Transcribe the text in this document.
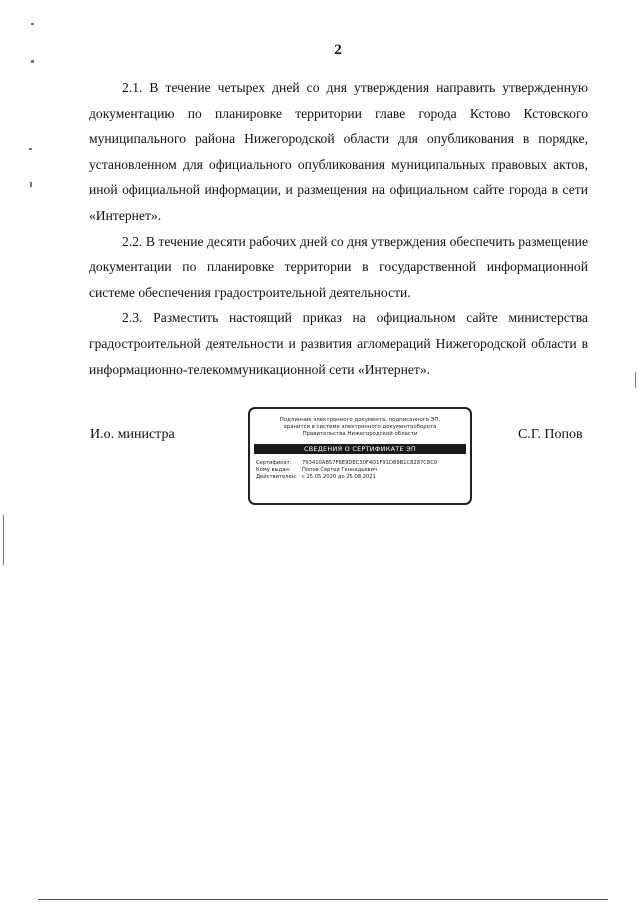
2

2.1. В течение четырех дней со дня утверждения направить утвержденную документацию по планировке территории главе города Кстово Кстовского муниципального района Нижегородской области для опубликования в порядке, установленном для официального опубликования муниципальных правовых актов, иной официальной информации, и размещения на официальном сайте города в сети «Интернет».

2.2. В течение десяти рабочих дней со дня утверждения обеспечить размещение документации по планировке территории в государственной информационной системе обеспечения градостроительной деятельности.

2.3. Разместить настоящий приказ на официальном сайте министерства градостроительной деятельности и развития агломераций Нижегородской области в информационно-телекоммуникационной сети «Интернет».

И.о. министра
Подлинник электронного документа, подписанного ЭП,
хранится в системе электронного документооборота
Правительства Нижегородской области
СВЕДЕНИЯ О СЕРТИФИКАТЕ ЭП
Сертификат: 793410AB57F6E9DEC30F4D1F91D89B1C8287C8C0
Кому выдан: Попов Сергей Геннадьевич
Действителен: с 25.05.2020 до 25.08.2021
С.Г. Попов
